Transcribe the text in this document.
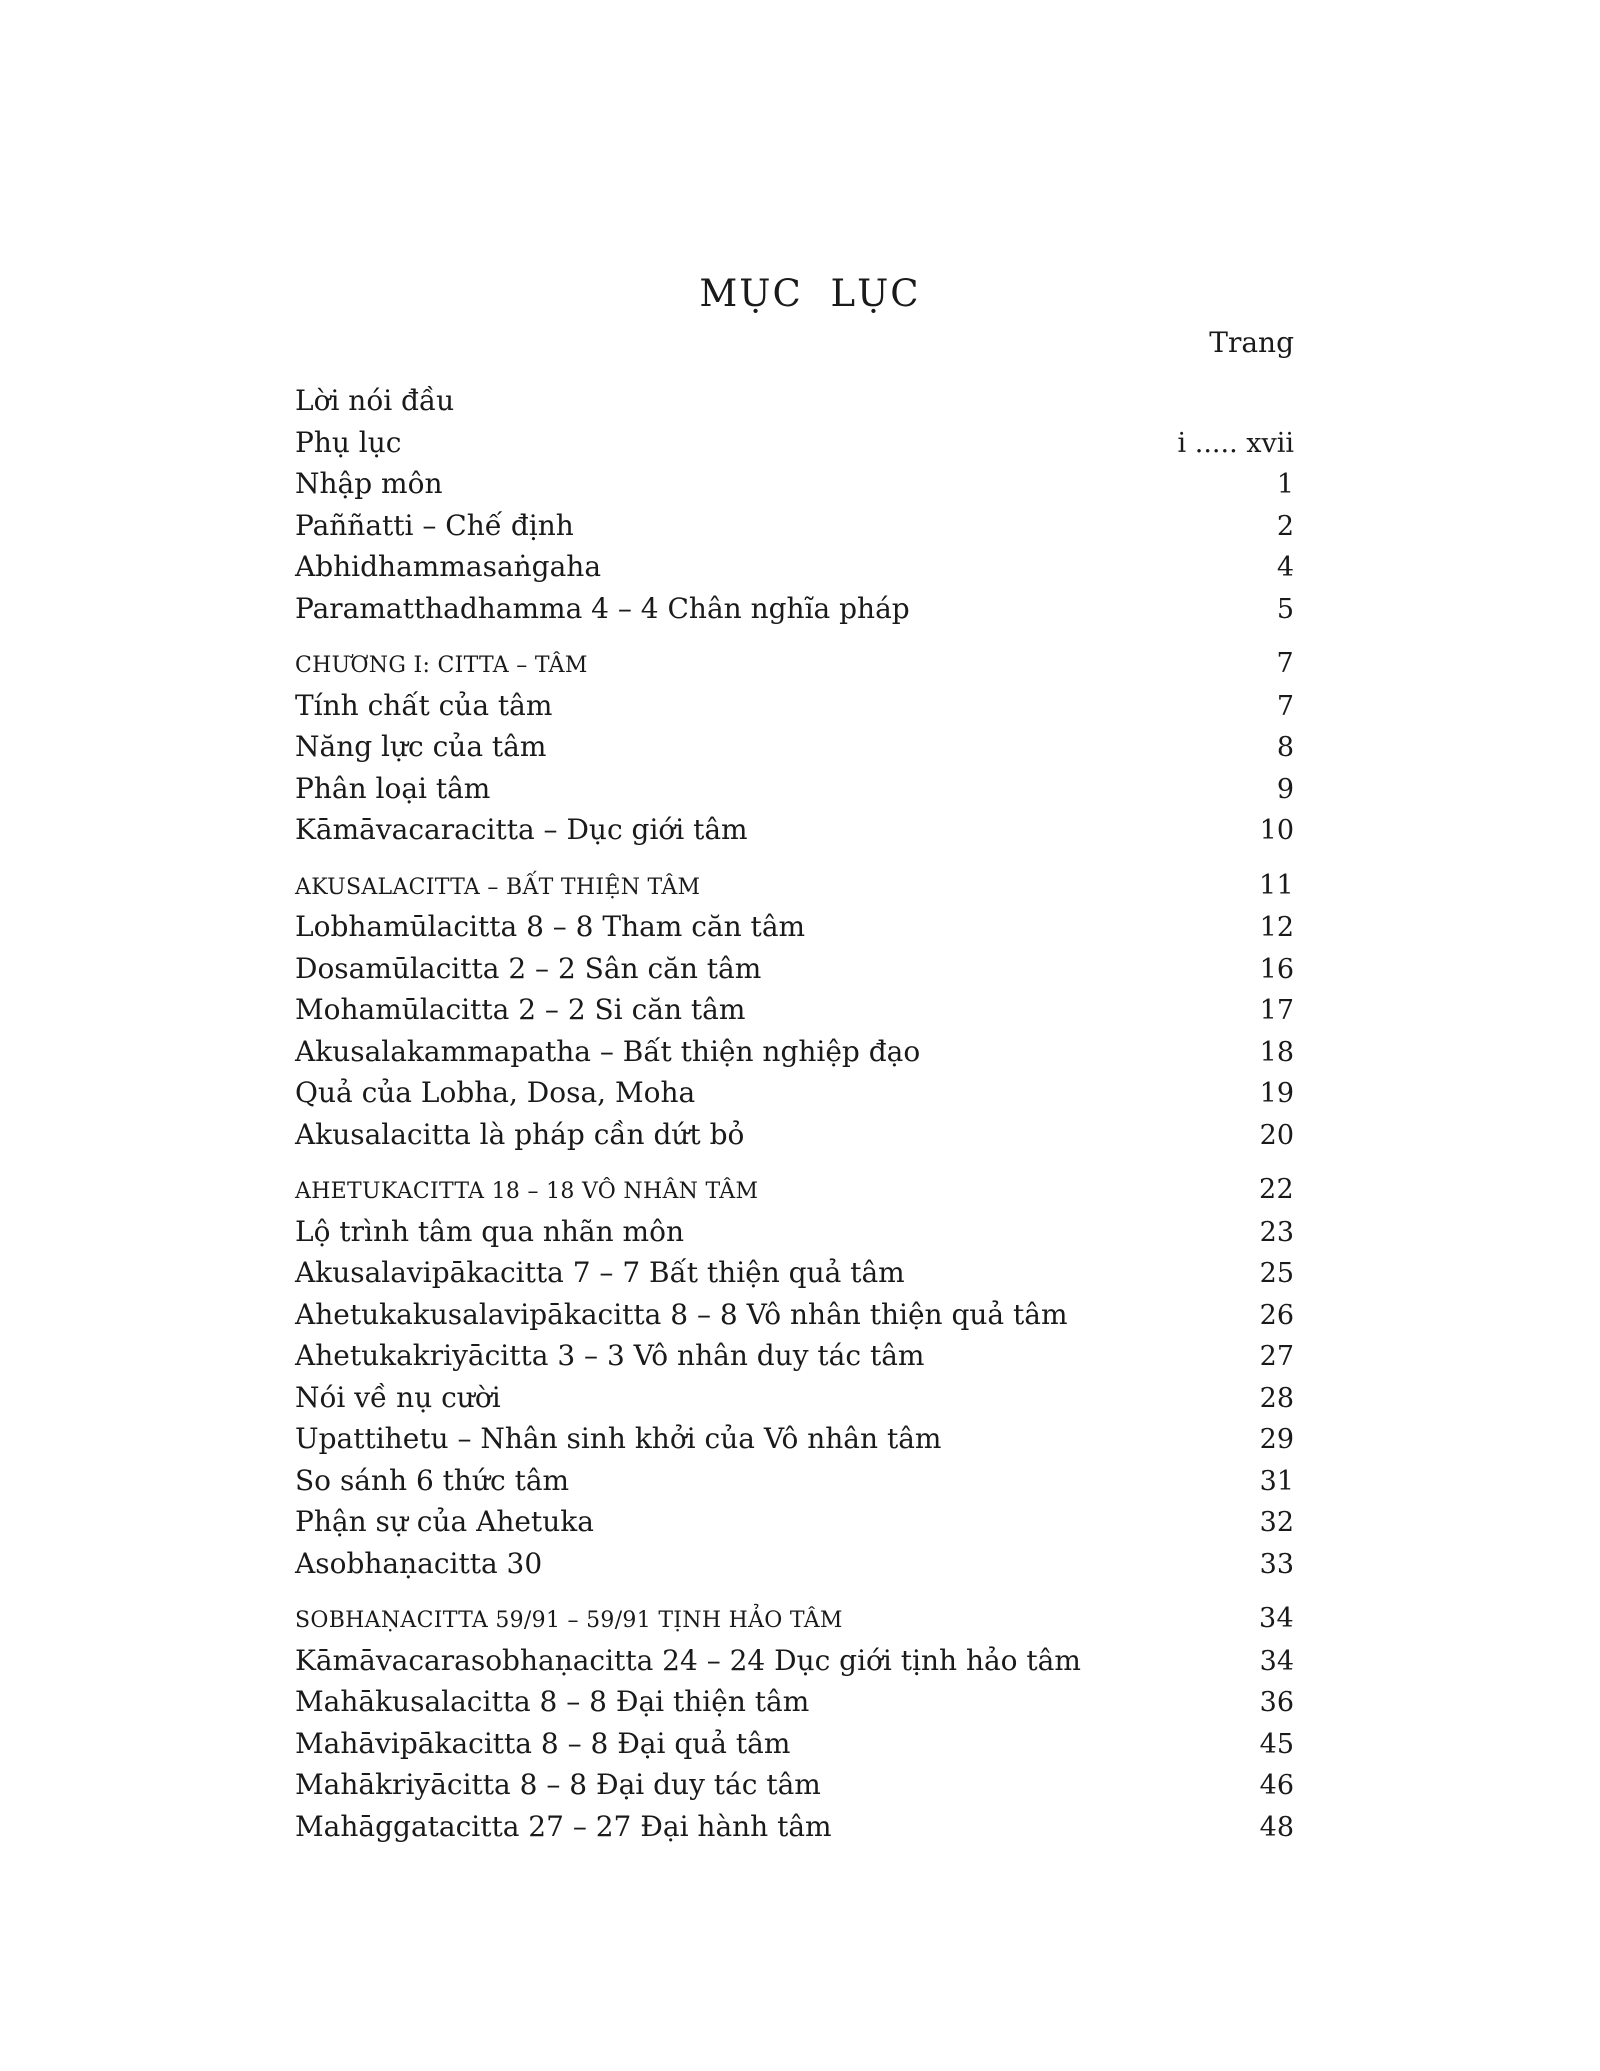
MỤC LỤC
Trang
Lời nói đầu
Phụ lục	i ..... xvii
Nhập môn	1
Paññatti – Chế định	2
Abhidhammasaṅgaha	4
Paramatthadhamma 4 – 4 Chân nghĩa pháp	5
CHƯƠNG I: CITTA – TÂM	7
Tính chất của tâm	7
Năng lực của tâm	8
Phân loại tâm	9
Kāmāvacaracitta – Dục giới tâm	10
AKUSALACITTA – BẤT THIỆN TÂM	11
Lobhamūlacitta 8 – 8 Tham căn tâm	12
Dosamūlacitta 2 – 2 Sân căn tâm	16
Mohamūlacitta 2 – 2 Si căn tâm	17
Akusalakammapatha – Bất thiện nghiệp đạo	18
Quả của Lobha, Dosa, Moha	19
Akusalacitta là pháp cần dứt bỏ	20
AHETUKACITTA 18 – 18 VÔ NHÂN TÂM	22
Lộ trình tâm qua nhãn môn	23
Akusalavipākacitta 7 – 7 Bất thiện quả tâm	25
Ahetukakusalavipākacitta 8 – 8 Vô nhân thiện quả tâm	26
Ahetukakriyācitta 3 – 3 Vô nhân duy tác tâm	27
Nói về nụ cười	28
Upattihetu – Nhân sinh khởi của Vô nhân tâm	29
So sánh 6 thức tâm	31
Phận sự của Ahetuka	32
Asobhaṇacitta 30	33
SOBHAṆACITTA 59/91 – 59/91 TỊNH HẢO TÂM	34
Kāmāvacarasobhaṇacitta 24 – 24 Dục giới tịnh hảo tâm	34
Mahākusalacitta 8 – 8 Đại thiện tâm	36
Mahāvipākacitta 8 – 8 Đại quả tâm	45
Mahākriyācitta 8 – 8 Đại duy tác tâm	46
Mahāggatacitta 27 – 27 Đại hành tâm	48
